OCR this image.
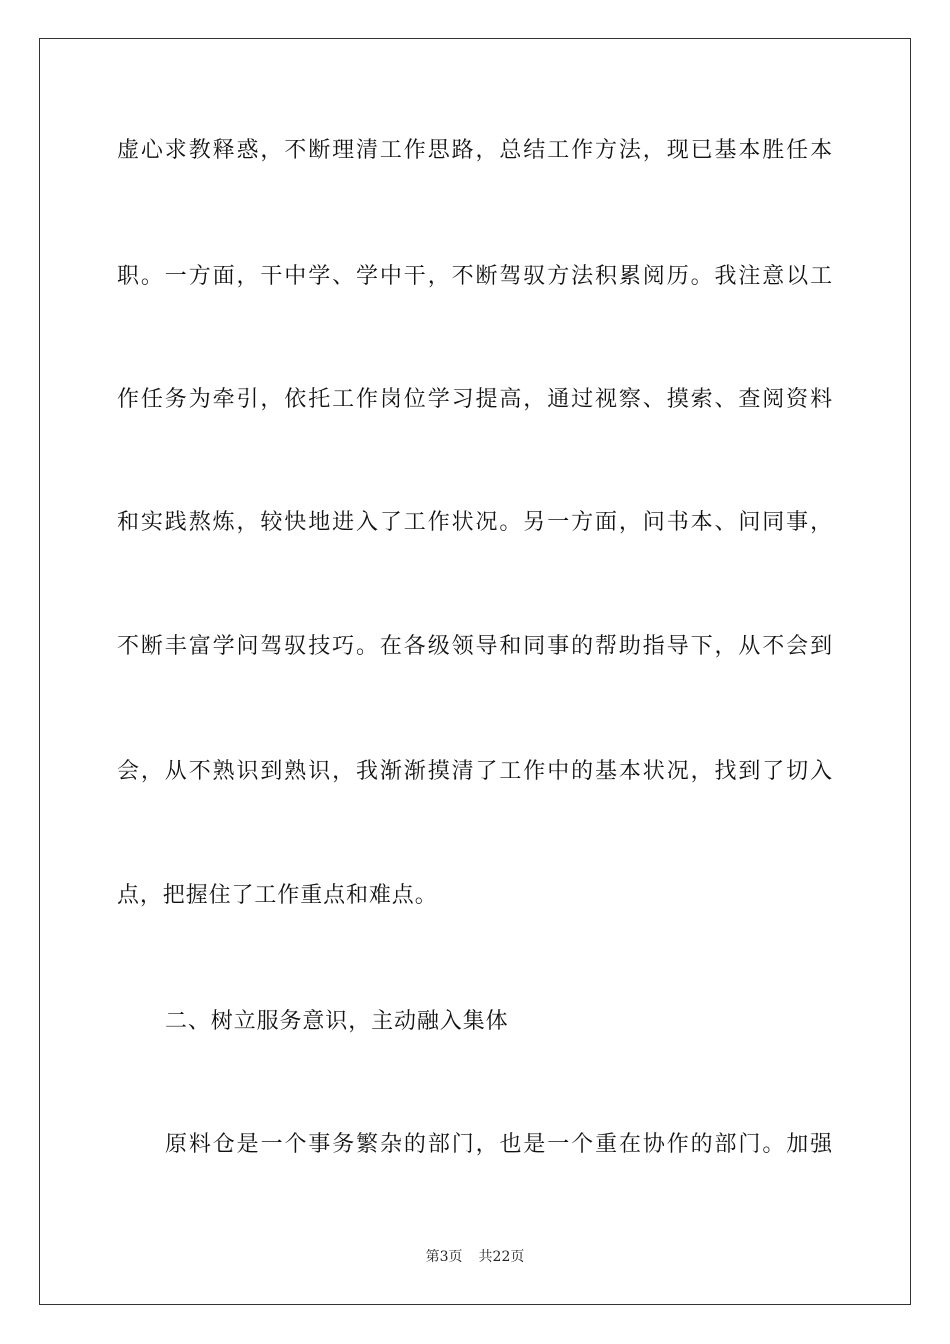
虚心求教释惑，不断理清工作思路，总结工作方法，现已基本胜任本
职。一方面，干中学、学中干，不断驾驭方法积累阅历。我注意以工
作任务为牵引，依托工作岗位学习提高，通过视察、摸索、查阅资料
和实践熬炼，较快地进入了工作状况。另一方面，问书本、问同事，
不断丰富学问驾驭技巧。在各级领导和同事的帮助指导下，从不会到
会，从不熟识到熟识，我渐渐摸清了工作中的基本状况，找到了切入
点，把握住了工作重点和难点。
二、树立服务意识，主动融入集体
原料仓是一个事务繁杂的部门，也是一个重在协作的部门。加强
第3页 共22页
